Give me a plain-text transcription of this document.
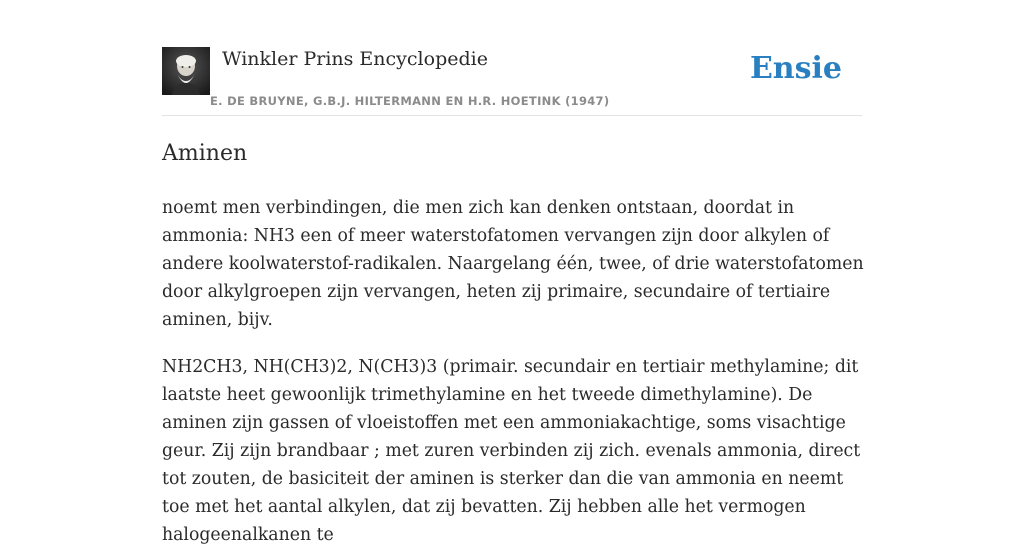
Winkler Prins Encyclopedie
E. DE BRUYNE, G.B.J. HILTERMANN EN H.R. HOETINK (1947)
Ensie
Aminen

noemt men verbindingen, die men zich kan denken ontstaan, doordat in ammonia: NH3 een of meer waterstofatomen vervangen zijn door alkylen of andere koolwaterstof-radikalen. Naargelang één, twee, of drie waterstofatomen door alkylgroepen zijn vervangen, heten zij primaire, secundaire of tertiaire aminen, bijv.

NH2CH3, NH(CH3)2, N(CH3)3 (primair. secundair en tertiair methylamine; dit laatste heet gewoonlijk trimethylamine en het tweede dimethylamine). De aminen zijn gassen of vloeistoffen met een ammoniakachtige, soms visachtige geur. Zij zijn brandbaar ; met zuren verbinden zij zich. evenals ammonia, direct tot zouten, de basiciteit der aminen is sterker dan die van ammonia en neemt toe met het aantal alkylen, dat zij bevatten. Zij hebben alle het vermogen halogeenalkanen te
